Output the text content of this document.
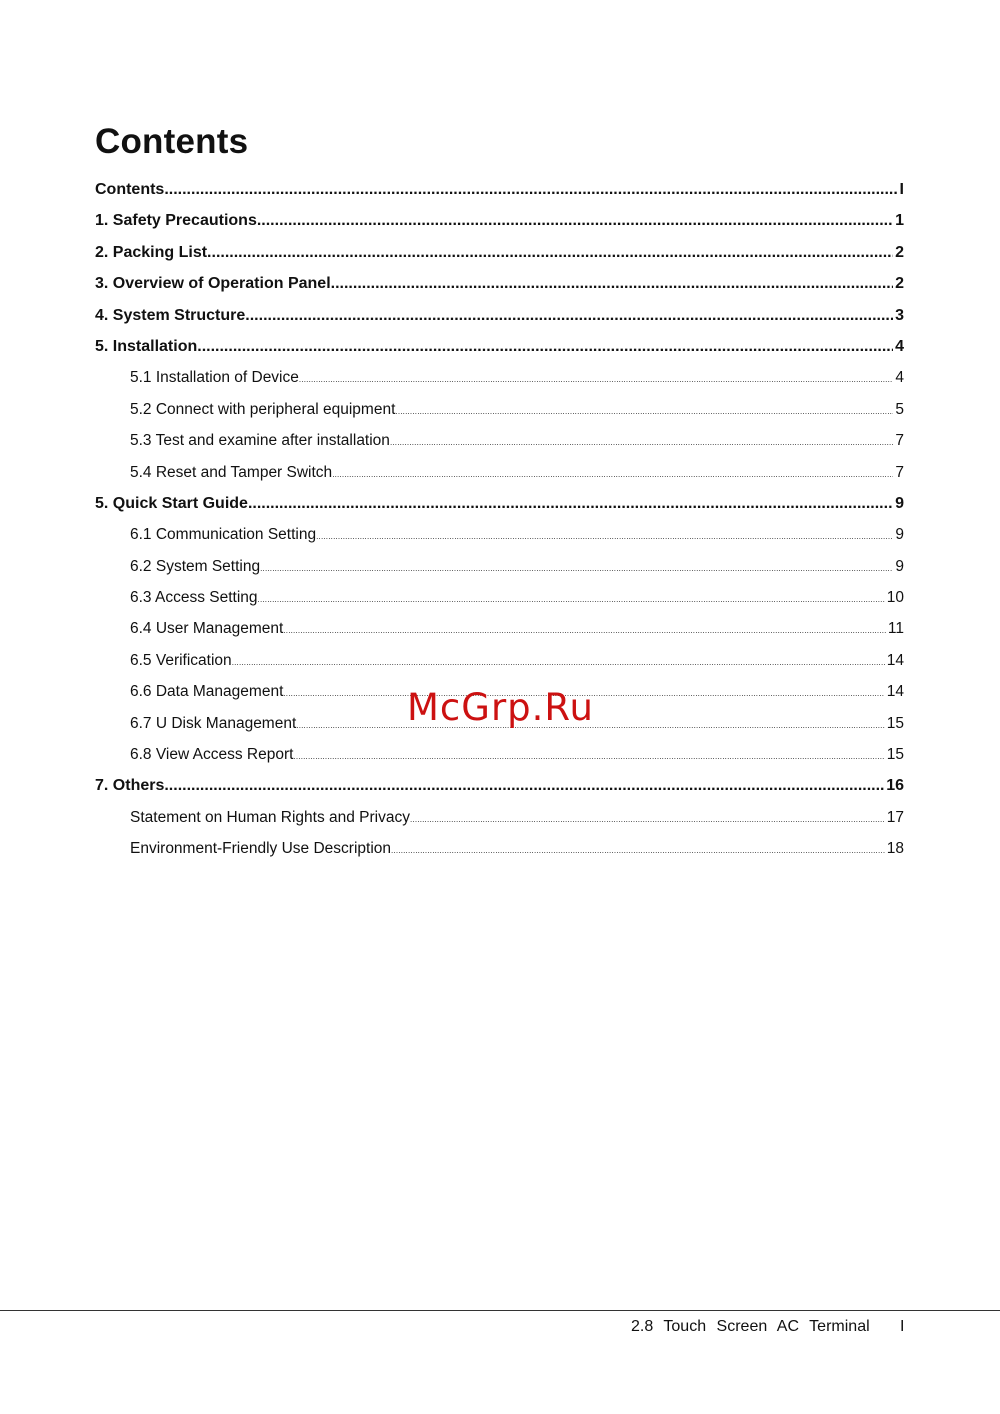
Contents
Contents .....	I
1. Safety Precautions .....	1
2. Packing List .....	2
3. Overview of Operation Panel .....	2
4. System Structure .....	3
5. Installation .....	4
5.1 Installation of Device .....	4
5.2 Connect with peripheral equipment .....	5
5.3 Test and examine after installation .....	7
5.4 Reset and Tamper Switch .....	7
5. Quick Start Guide .....	9
6.1 Communication Setting .....	9
6.2 System Setting .....	9
6.3 Access Setting .....	10
6.4 User Management .....	11
6.5 Verification .....	14
6.6 Data Management .....	14
6.7 U Disk Management .....	15
6.8 View Access Report .....	15
7. Others .....	16
Statement on Human Rights and Privacy .....	17
Environment-Friendly Use Description .....	18
McGrp.Ru
2.8 Touch Screen AC Terminal I
